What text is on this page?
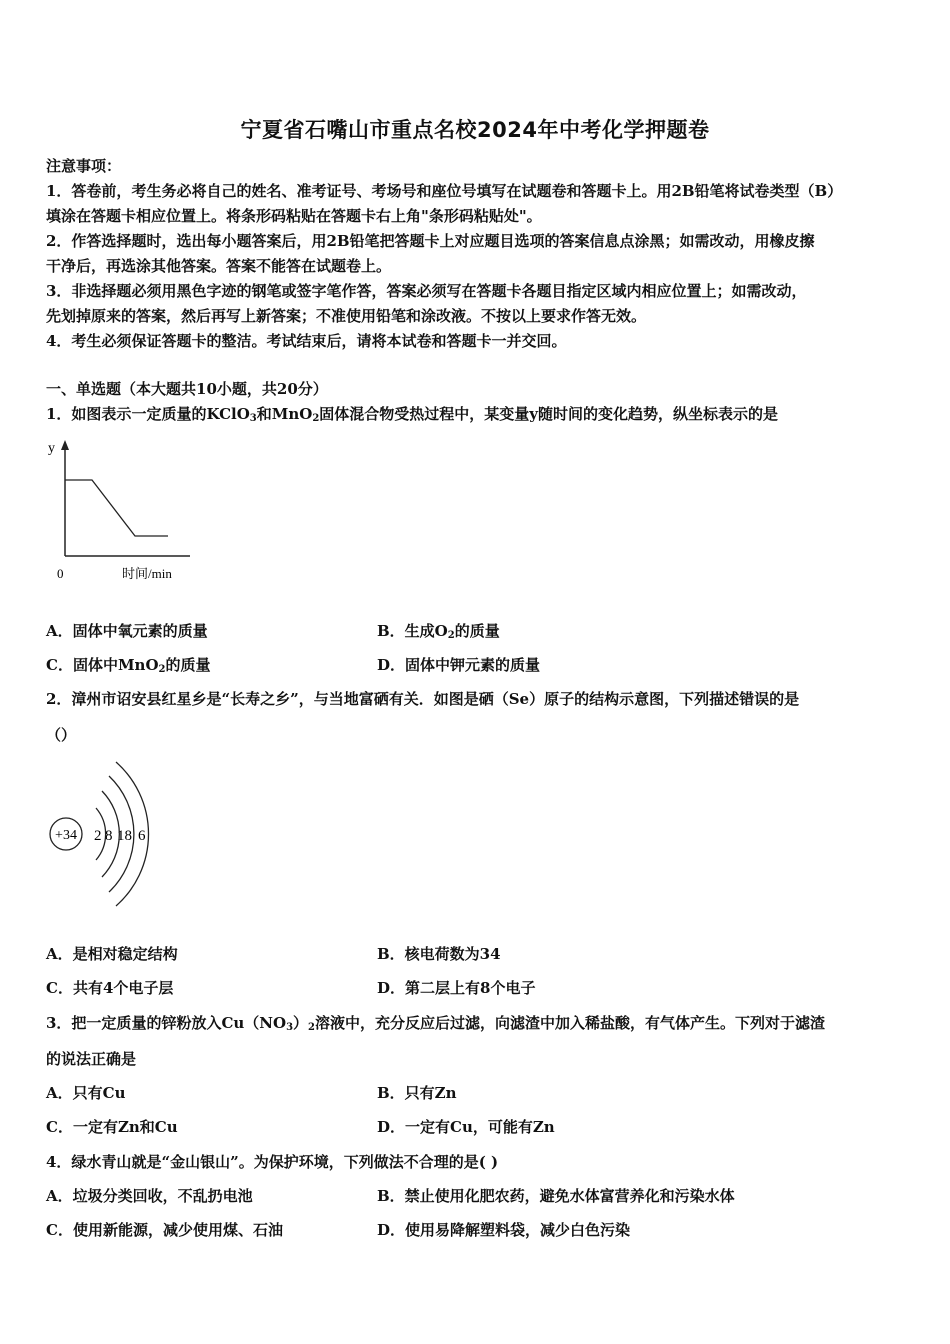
宁夏省石嘴山市重点名校2024年中考化学押题卷
注意事项：
1．答卷前，考生务必将自己的姓名、准考证号、考场号和座位号填写在试题卷和答题卡上。用2B铅笔将试卷类型（B）
填涂在答题卡相应位置上。将条形码粘贴在答题卡右上角"条形码粘贴处"。
2．作答选择题时，选出每小题答案后，用2B铅笔把答题卡上对应题目选项的答案信息点涂黑；如需改动，用橡皮擦
干净后，再选涂其他答案。答案不能答在试题卷上。
3．非选择题必须用黑色字迹的钢笔或签字笔作答，答案必须写在答题卡各题目指定区域内相应位置上；如需改动，
先划掉原来的答案，然后再写上新答案；不准使用铅笔和涂改液。不按以上要求作答无效。
4．考生必须保证答题卡的整洁。考试结束后，请将本试卷和答题卡一并交回。
一、单选题（本大题共10小题，共20分）
1．如图表示一定质量的KClO$_3$和MnO$_2$固体混合物受热过程中，某变量y随时间的变化趋势，纵坐标表示的是
y
0	时间/min
A．固体中氧元素的质量	B．生成$O_2$的质量
C．固体中MnO$_2$的质量	D．固体中钾元素的质量
2．漳州市诏安县红星乡是“长寿之乡”，与当地富硒有关．如图是硒（Se）原子的结构示意图，下列描述错误的是
（）
+34 2 8 18 6
A．是相对稳定结构	B．核电荷数为34
C．共有4个电子层	D．第二层上有8个电子
3．把一定质量的锌粉放入$Cu(NO_3)_2$溶液中，充分反应后过滤，向滤渣中加入稀盐酸，有气体产生。下列对于滤渣
的说法正确是
A．只有Cu	B．只有Zn
C．一定有Zn和Cu	D．一定有Cu，可能有Zn
4．绿水青山就是“金山银山”。为保护环境，下列做法不合理的是( )
A．垃圾分类回收，不乱扔电池	B．禁止使用化肥农药，避免水体富营养化和污染水体
C．使用新能源，减少使用煤、石油	D．使用易降解塑料袋，减少白色污染
